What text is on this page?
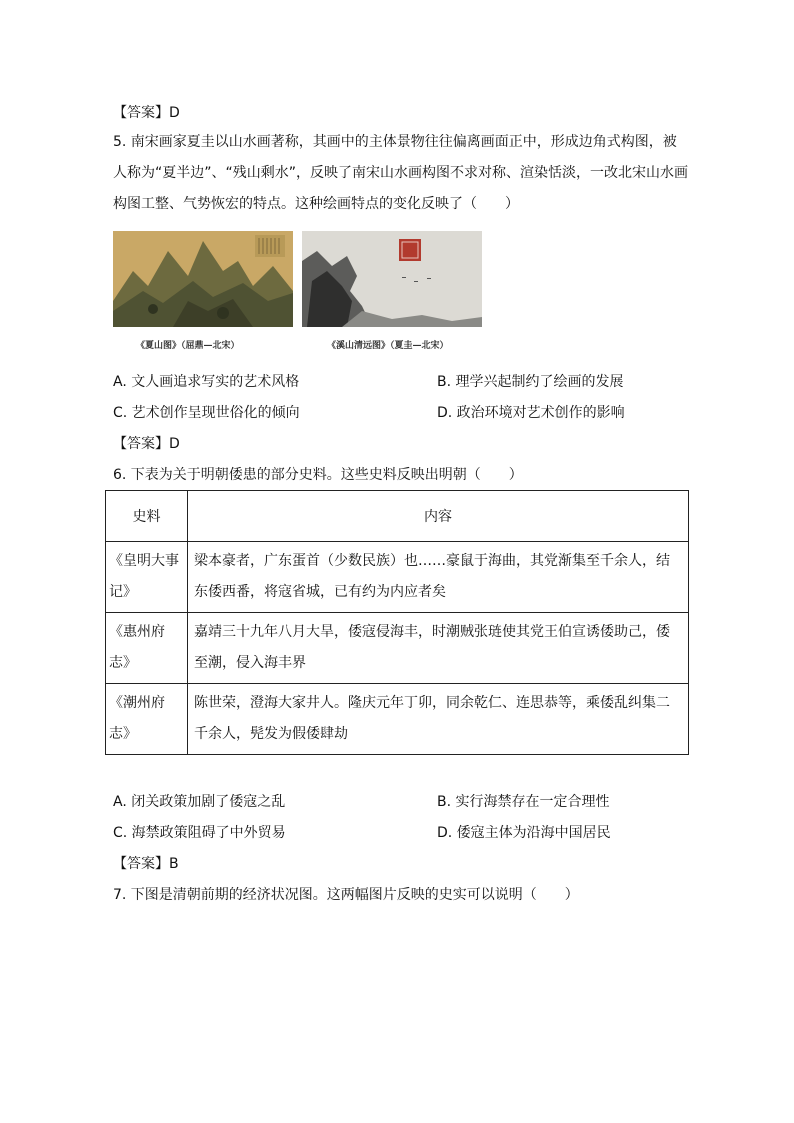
【答案】D
5. 南宋画家夏圭以山水画著称，其画中的主体景物往往偏离画面正中，形成边角式构图，被人称为“夏半边”、“残山剩水”，反映了南宋山水画构图不求对称、渲染恬淡，一改北宋山水画构图工整、气势恢宏的特点。这种绘画特点的变化反映了（　　）
《夏山图》（屈鼎—北宋）	《溪山清远图》（夏圭—北宋）
A. 文人画追求写实的艺术风格	B. 理学兴起制约了绘画的发展
C. 艺术创作呈现世俗化的倾向	D. 政治环境对艺术创作的影响
【答案】D
6. 下表为关于明朝倭患的部分史料。这些史料反映出明朝（　　）
史料	内容
《皇明大事记》	梁本豪者，广东蛋首（少数民族）也……豪鼠于海曲，其党渐集至千余人，结东倭西番，将寇省城，已有约为内应者矣
《惠州府志》	嘉靖三十九年八月大旱，倭寇侵海丰，时潮贼张琏使其党王伯宣诱倭助己，倭至潮，侵入海丰界
《潮州府志》	陈世荣，澄海大家井人。隆庆元年丁卯，同余乾仁、连思恭等，乘倭乱纠集二千余人，髡发为假倭肆劫
A. 闭关政策加剧了倭寇之乱	B. 实行海禁存在一定合理性
C. 海禁政策阻碍了中外贸易	D. 倭寇主体为沿海中国居民
【答案】B
7. 下图是清朝前期的经济状况图。这两幅图片反映的史实可以说明（　　）
